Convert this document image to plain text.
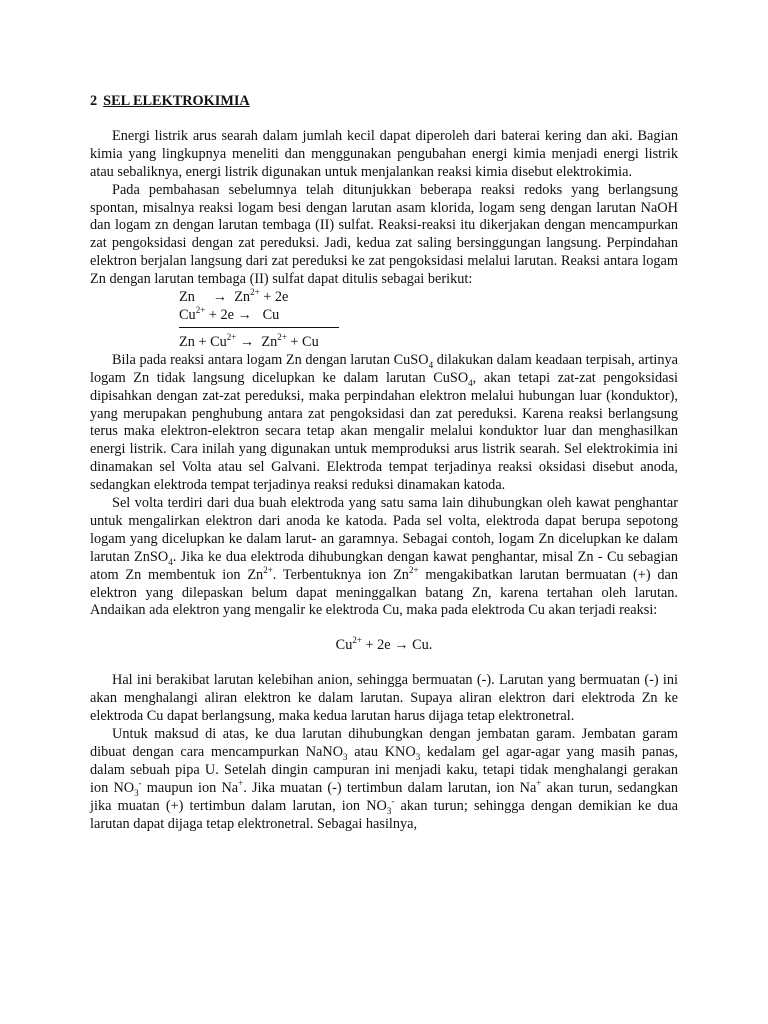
2 SEL ELEKTROKIMIA

Energi listrik arus searah dalam jumlah kecil dapat diperoleh dari baterai kering dan aki. Bagian kimia yang lingkupnya meneliti dan menggunakan pengubahan energi kimia menjadi energi listrik atau sebaliknya, energi listrik digunakan untuk menjalankan reaksi kimia disebut elektrokimia.

Pada pembahasan sebelumnya telah ditunjukkan beberapa reaksi redoks yang berlangsung spontan, misalnya reaksi logam besi dengan larutan asam klorida, logam seng dengan larutan NaOH dan logam zn dengan larutan tembaga (II) sulfat. Reaksi-reaksi itu dikerjakan dengan mencampurkan zat pengoksidasi dengan zat pereduksi. Jadi, kedua zat saling bersinggungan langsung. Perpindahan elektron berjalan langsung dari zat pereduksi ke zat pengoksidasi melalui larutan. Reaksi antara logam Zn dengan larutan tembaga (II) sulfat dapat ditulis sebagai berikut:

Zn     →  $Zn^{2+} + 2e$

$Cu^{2+} + 2e \to Cu$

$Zn + Cu^{2+} \to Zn^{2+} + Cu$

Bila pada reaksi antara logam Zn dengan larutan CuSO$_4$ dilakukan dalam keadaan terpisah, artinya logam Zn tidak langsung dicelupkan ke dalam larutan CuSO$_4$, akan tetapi zat-zat pengoksidasi dipisahkan dengan zat-zat pereduksi, maka perpindahan elektron melalui hubungan luar (konduktor), yang merupakan penghubung antara zat pengoksidasi dan zat pereduksi. Karena reaksi berlangsung terus maka elektron-elektron secara tetap akan mengalir melalui konduktor luar dan menghasilkan energi listrik. Cara inilah yang digunakan untuk memproduksi arus listrik searah. Sel elektrokimia ini dinamakan sel Volta atau sel Galvani. Elektroda tempat terjadinya reaksi oksidasi disebut anoda, sedangkan elektroda tempat terjadinya reaksi reduksi dinamakan katoda.

Sel volta terdiri dari dua buah elektroda yang satu sama lain dihubungkan oleh kawat penghantar untuk mengalirkan elektron dari anoda ke katoda. Pada sel volta, elektroda dapat berupa sepotong logam yang dicelupkan ke dalam larut- an garamnya. Sebagai contoh, logam Zn dicelupkan ke dalam larutan ZnSO$_4$. Jika ke dua elektroda dihubungkan dengan kawat penghantar, misal Zn - Cu sebagian atom Zn membentuk ion $Zn^{2+}$. Terbentuknya ion $Zn^{2+}$ mengakibatkan larutan bermuatan (+) dan elektron yang dilepaskan belum dapat meninggalkan batang Zn, karena tertahan oleh larutan. Andaikan ada elektron yang mengalir ke elektroda Cu, maka pada elektroda Cu akan terjadi reaksi:

$Cu^{2+} + 2e \to Cu$.

Hal ini berakibat larutan kelebihan anion, sehingga bermuatan (-). Larutan yang bermuatan (-) ini akan menghalangi aliran elektron ke dalam larutan. Supaya aliran elektron dari elektroda Zn ke elektroda Cu dapat berlangsung, maka kedua larutan harus dijaga tetap elektronetral.

Untuk maksud di atas, ke dua larutan dihubungkan dengan jembatan garam. Jembatan garam dibuat dengan cara mencampurkan NaNO$_3$ atau $KNO_3$ kedalam gel agar-agar yang masih panas, dalam sebuah pipa U. Setelah dingin campuran ini menjadi kaku, tetapi tidak menghalangi gerakan ion $NO_3^-$ maupun ion Na+. Jika muatan (-) tertimbun dalam larutan, ion Na+ akan turun, sedangkan jika muatan (+) tertimbun dalam larutan, ion $NO_3^-$ akan turun; sehingga dengan demikian ke dua larutan dapat dijaga tetap elektronetral. Sebagai hasilnya,
